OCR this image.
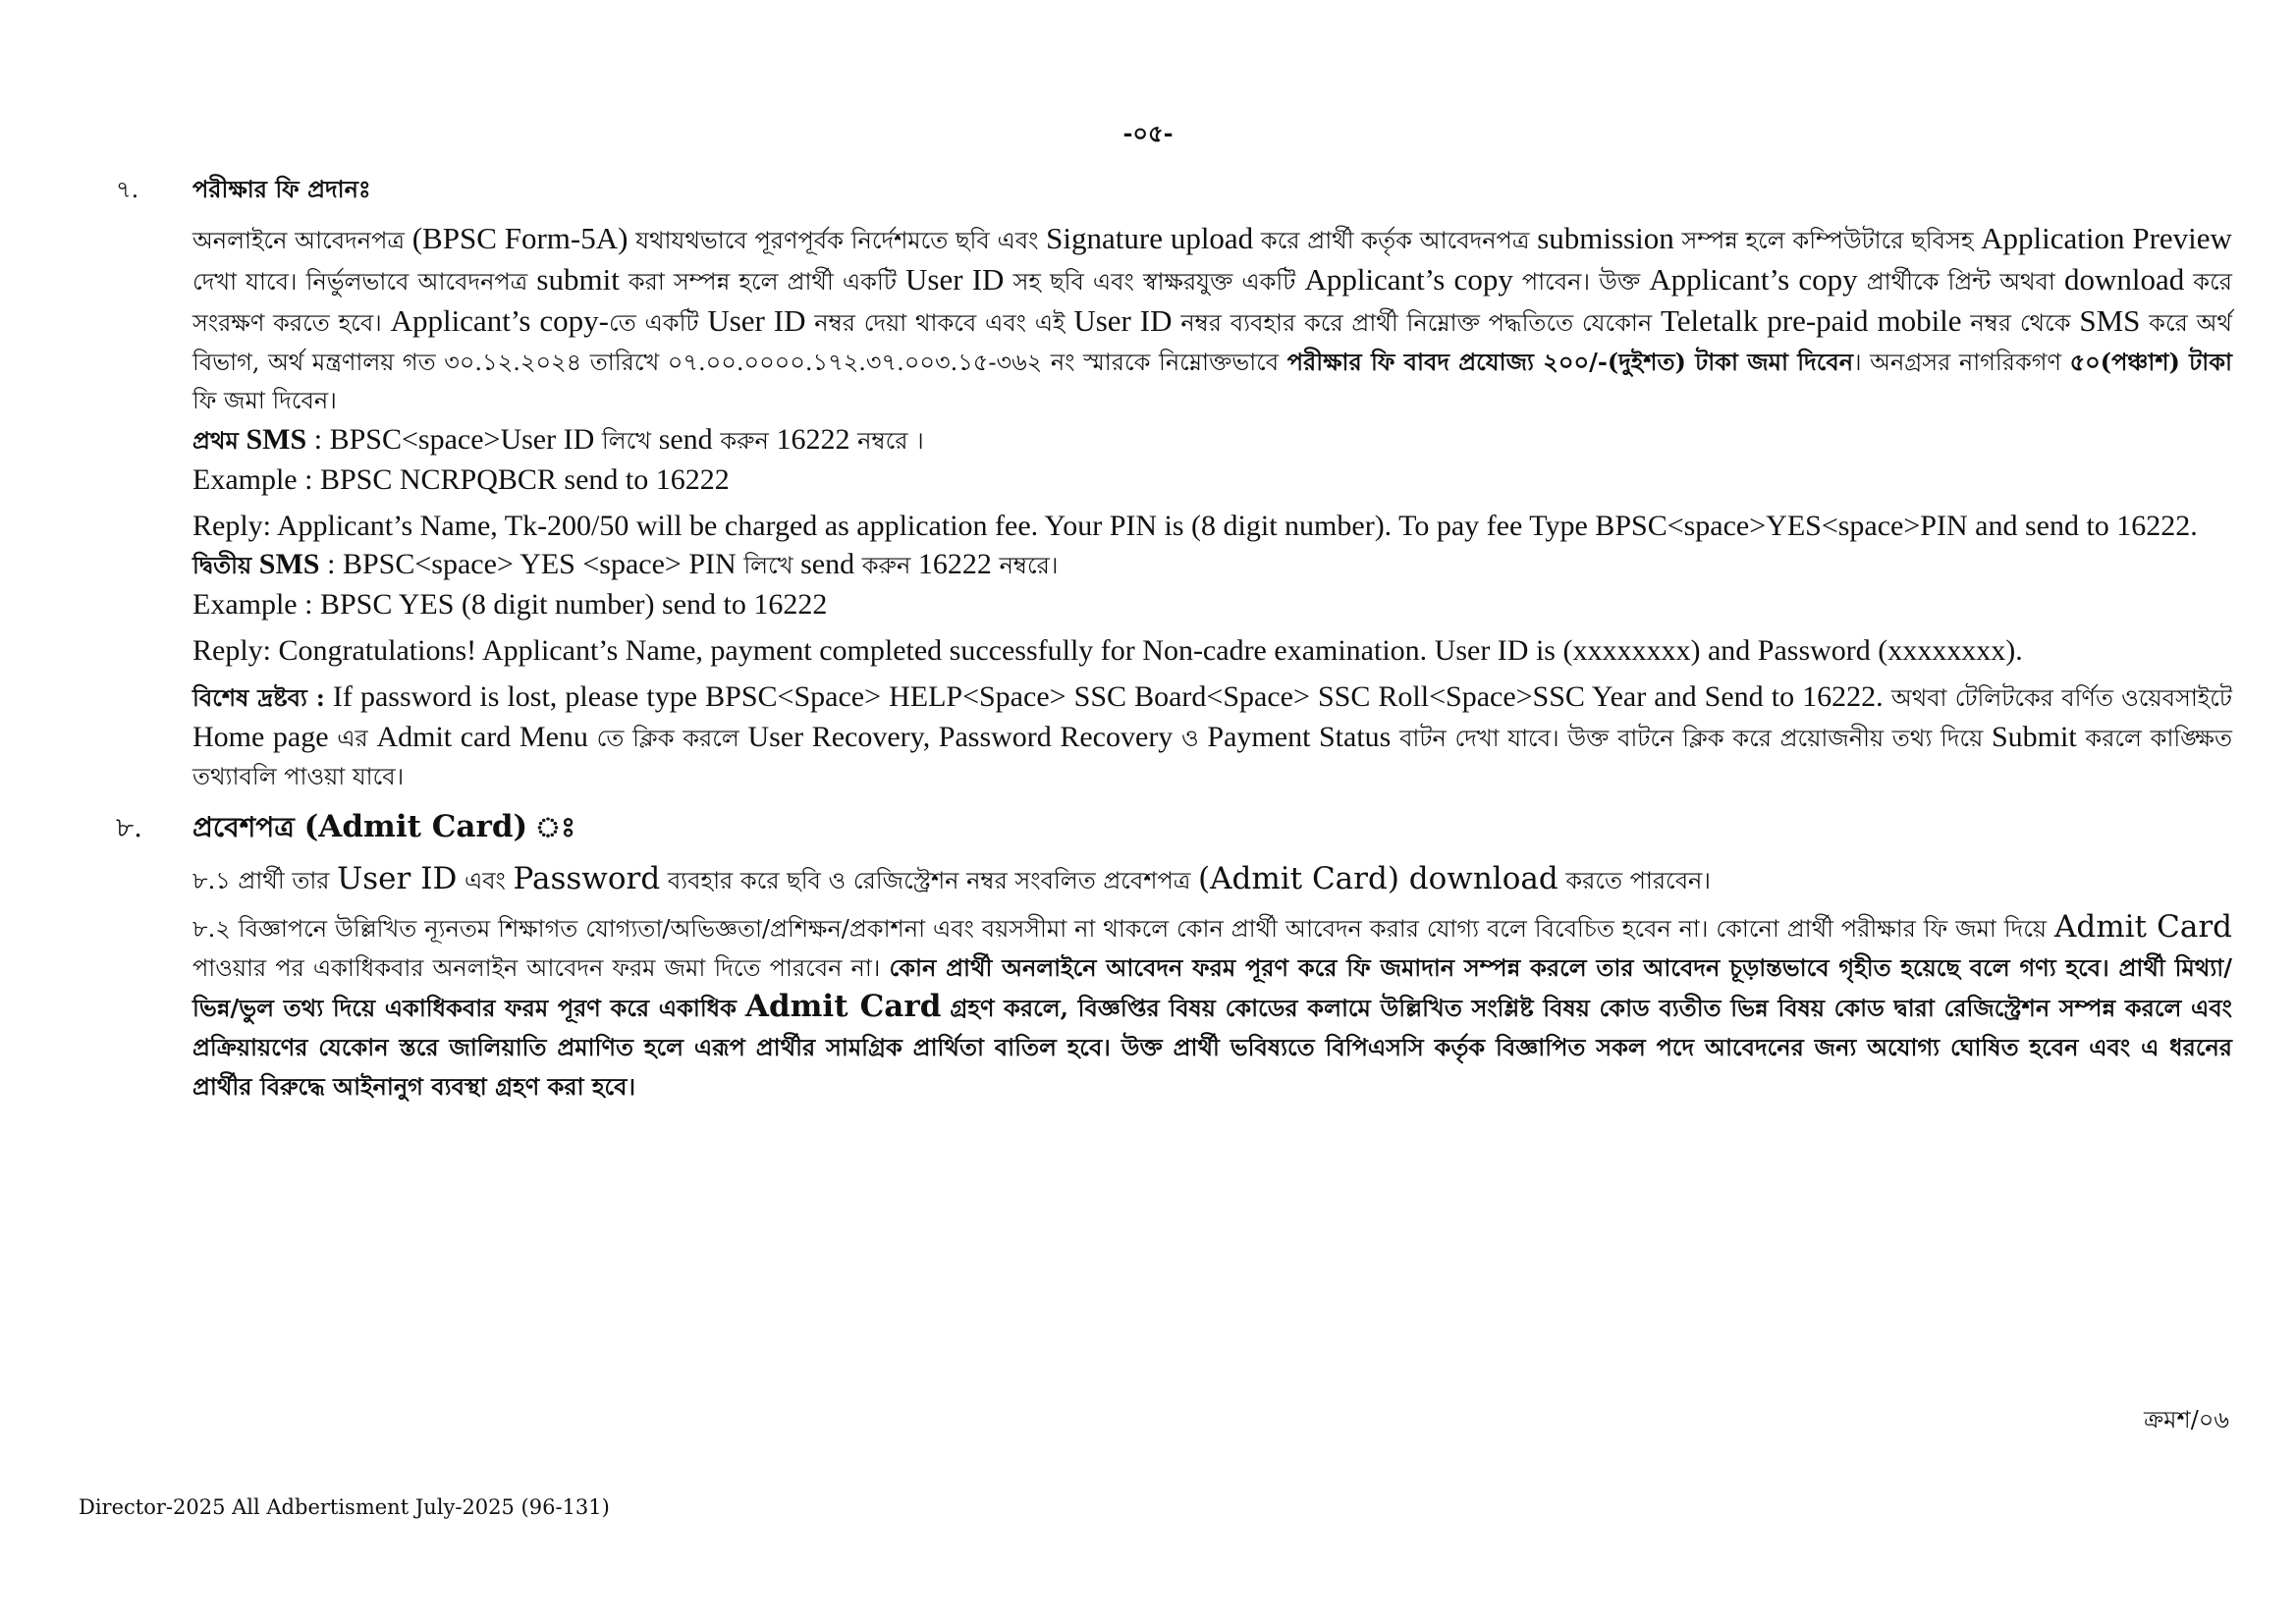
-০৫-
৭.	পরীক্ষার ফি প্রদানঃ

অনলাইনে আবেদনপত্র (BPSC Form-5A) যথাযথভাবে পূরণপূর্বক নির্দেশমতে ছবি এবং Signature upload করে প্রার্থী কর্তৃক আবেদনপত্র submission সম্পন্ন হলে কম্পিউটারে ছবিসহ Application Preview দেখা যাবে। নির্ভুলভাবে আবেদনপত্র submit করা সম্পন্ন হলে প্রার্থী একটি User ID সহ ছবি এবং স্বাক্ষরযুক্ত একটি Applicant’s copy পাবেন। উক্ত Applicant’s copy প্রার্থীকে প্রিন্ট অথবা download করে সংরক্ষণ করতে হবে। Applicant’s copy-তে একটি User ID নম্বর দেয়া থাকবে এবং এই User ID নম্বর ব্যবহার করে প্রার্থী নিম্নোক্ত পদ্ধতিতে যেকোন Teletalk pre-paid mobile নম্বর থেকে SMS করে অর্থ বিভাগ, অর্থ মন্ত্রণালয় গত ৩০.১২.২০২৪ তারিখে ০৭.০০.০০০০.১৭২.৩৭.০০৩.১৫-৩৬২ নং স্মারকে নিম্নোক্তভাবে পরীক্ষার ফি বাবদ প্রযোজ্য ২০০/-(দুইশত) টাকা জমা দিবেন। অনগ্রসর নাগরিকগণ ৫০(পঞ্চাশ) টাকা ফি জমা দিবেন।

প্রথম SMS : BPSC<space>User ID লিখে send করুন 16222 নম্বরে ।

Example : BPSC NCRPQBCR send to 16222

Reply: Applicant’s Name, Tk-200/50 will be charged as application fee. Your PIN is (8 digit number). To pay fee Type BPSC<space>YES<space>PIN and send to 16222.

দ্বিতীয় SMS : BPSC<space> YES <space> PIN লিখে send করুন 16222 নম্বরে।

Example : BPSC YES (8 digit number) send to 16222

Reply: Congratulations! Applicant’s Name, payment completed successfully for Non-cadre examination. User ID is (xxxxxxxx) and Password (xxxxxxxx).

বিশেষ দ্রষ্টব্য : If password is lost, please type BPSC<Space> HELP<Space> SSC Board<Space> SSC Roll<Space>SSC Year and Send to 16222. অথবা টেলিটকের বর্ণিত ওয়েবসাইটে Home page এর Admit card Menu তে ক্লিক করলে User Recovery, Password Recovery ও Payment Status বাটন দেখা যাবে। উক্ত বাটনে ক্লিক করে প্রয়োজনীয় তথ্য দিয়ে Submit করলে কাঙ্ক্ষিত তথ্যাবলি পাওয়া যাবে।

৮.	প্রবেশপত্র (Admit Card) ঃ

৮.১ প্রার্থী তার User ID এবং Password ব্যবহার করে ছবি ও রেজিস্ট্রেশন নম্বর সংবলিত প্রবেশপত্র (Admit Card) download করতে পারবেন।

৮.২ বিজ্ঞাপনে উল্লিখিত ন্যূনতম শিক্ষাগত যোগ্যতা/অভিজ্ঞতা/প্রশিক্ষন/প্রকাশনা এবং বয়সসীমা না থাকলে কোন প্রার্থী আবেদন করার যোগ্য বলে বিবেচিত হবেন না। কোনো প্রার্থী পরীক্ষার ফি জমা দিয়ে Admit Card পাওয়ার পর একাধিকবার অনলাইন আবেদন ফরম জমা দিতে পারবেন না। কোন প্রার্থী অনলাইনে আবেদন ফরম পূরণ করে ফি জমাদান সম্পন্ন করলে তার আবেদন চূড়ান্তভাবে গৃহীত হয়েছে বলে গণ্য হবে। প্রার্থী মিথ্যা/ভিন্ন/ভুল তথ্য দিয়ে একাধিকবার ফরম পূরণ করে একাধিক Admit Card গ্রহণ করলে, বিজ্ঞপ্তির বিষয় কোডের কলামে উল্লিখিত সংশ্লিষ্ট বিষয় কোড ব্যতীত ভিন্ন বিষয় কোড দ্বারা রেজিস্ট্রেশন সম্পন্ন করলে এবং প্রক্রিয়ায়ণের যেকোন স্তরে জালিয়াতি প্রমাণিত হলে এরূপ প্রার্থীর সামগ্রিক প্রার্থিতা বাতিল হবে। উক্ত প্রার্থী ভবিষ্যতে বিপিএসসি কর্তৃক বিজ্ঞাপিত সকল পদে আবেদনের জন্য অযোগ্য ঘোষিত হবেন এবং এ ধরনের প্রার্থীর বিরুদ্ধে আইনানুগ ব্যবস্থা গ্রহণ করা হবে।

ক্রমশ/০৬
Director-2025 All Adbertisment July-2025 (96-131)
